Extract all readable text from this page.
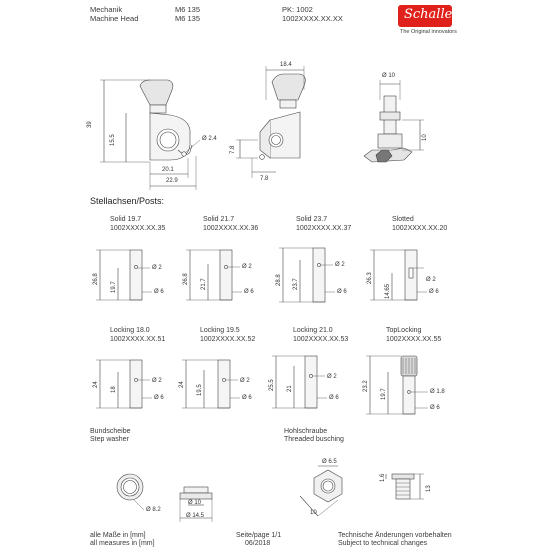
Mechanik
Machine Head
M6 135
M6 135
PK: 1002
1002XXXX.XX.XX	Schaller
The Original innovators
39
15.5
20.1
22.9
Ø 2.4
18.4
7.8
7.8
Ø 10
10
Stellachsen/Posts:
Solid 19.7
1002XXXX.XX.35
26.8
19.7
Ø 2
Ø 6
Solid 21.7
1002XXXX.XX.36
26.8 21.7
Ø 2
Ø 6
Solid 23.7
1002XXXX.XX.37
28.8 23.7
Ø 2
Ø 6
Slotted
1002XXXX.XX.20
26.3
14.65
Ø 2
Ø 6
Locking 18.0
1002XXXX.XX.51
24
18
Ø 2
Ø 6
Locking 19.5
1002XXXX.XX.52
24 19.5
Ø 2
Ø 6
Locking 21.0
1002XXXX.XX.53
25.5 21
Ø 2
Ø 6
TopLocking
1002XXXX.XX.55
23.2
19.7	Ø 1.8
Ø 6
Bundscheibe
Step washer
Ø 8.2
Ø 10
Ø 14.5
Hohlschraube
Threaded busching
Ø 6.5
10
1.6
13
alle Maße in [mm]
all measures in [mm]
Seite/page 1/1
06/2018
Technische Änderungen vorbehalten
Subject to technical changes
